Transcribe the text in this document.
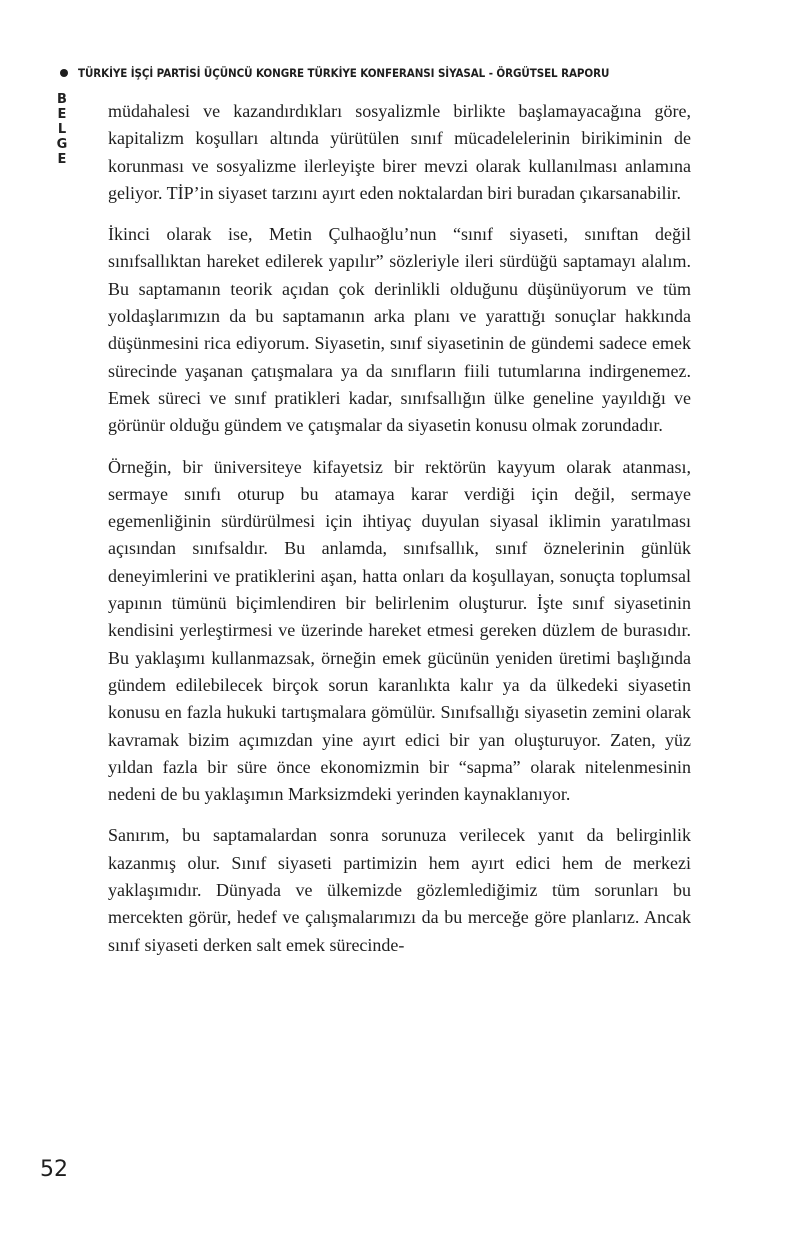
B
E
L
G
E
TÜRKİYE İŞÇİ PARTİSİ ÜÇÜNCÜ KONGRE TÜRKİYE KONFERANSI SİYASAL - ÖRGÜTSEL RAPORU

müdahalesi ve kazandırdıkları sosyalizmle birlikte başlamayacağına göre, kapitalizm koşulları altında yürütülen sınıf mücadelelerinin birikiminin de korunması ve sosyalizme ilerleyişte birer mevzi olarak kullanılması anlamına geliyor. TİP’in siyaset tarzını ayırt eden noktalardan biri buradan çıkarsanabilir.

İkinci olarak ise, Metin Çulhaoğlu’nun “sınıf siyaseti, sınıftan değil sınıfsallıktan hareket edilerek yapılır” sözleriyle ileri sürdüğü saptamayı alalım. Bu saptamanın teorik açıdan çok derinlikli olduğunu düşünüyorum ve tüm yoldaşlarımızın da bu saptamanın arka planı ve yarattığı sonuçlar hakkında düşünmesini rica ediyorum. Siyasetin, sınıf siyasetinin de gündemi sadece emek sürecinde yaşanan çatışmalara ya da sınıfların fiili tutumlarına indirgenemez. Emek süreci ve sınıf pratikleri kadar, sınıfsallığın ülke geneline yayıldığı ve görünür olduğu gündem ve çatışmalar da siyasetin konusu olmak zorundadır.

Örneğin, bir üniversiteye kifayetsiz bir rektörün kayyum olarak atanması, sermaye sınıfı oturup bu atamaya karar verdiği için değil, sermaye egemenliğinin sürdürülmesi için ihtiyaç duyulan siyasal iklimin yaratılması açısından sınıfsaldır. Bu anlamda, sınıfsallık, sınıf öznelerinin günlük deneyimlerini ve pratiklerini aşan, hatta onları da koşullayan, sonuçta toplumsal yapının tümünü biçimlendiren bir belirlenim oluşturur. İşte sınıf siyasetinin kendisini yerleştirmesi ve üzerinde hareket etmesi gereken düzlem de burasıdır. Bu yaklaşımı kullanmazsak, örneğin emek gücünün yeniden üretimi başlığında gündem edilebilecek birçok sorun karanlıkta kalır ya da ülkedeki siyasetin konusu en fazla hukuki tartışmalara gömülür. Sınıfsallığı siyasetin zemini olarak kavramak bizim açımızdan yine ayırt edici bir yan oluşturuyor. Zaten, yüz yıldan fazla bir süre önce ekonomizmin bir “sapma” olarak nitelenmesinin nedeni de bu yaklaşımın Marksizmdeki yerinden kaynaklanıyor.

Sanırım, bu saptamalardan sonra sorunuza verilecek yanıt da belirginlik kazanmış olur. Sınıf siyaseti partimizin hem ayırt edici hem de merkezi yaklaşımıdır. Dünyada ve ülkemizde gözlemlediğimiz tüm sorunları bu mercekten görür, hedef ve çalışmalarımızı da bu merceğe göre planlarız. Ancak sınıf siyaseti derken salt emek sürecinde-

52
